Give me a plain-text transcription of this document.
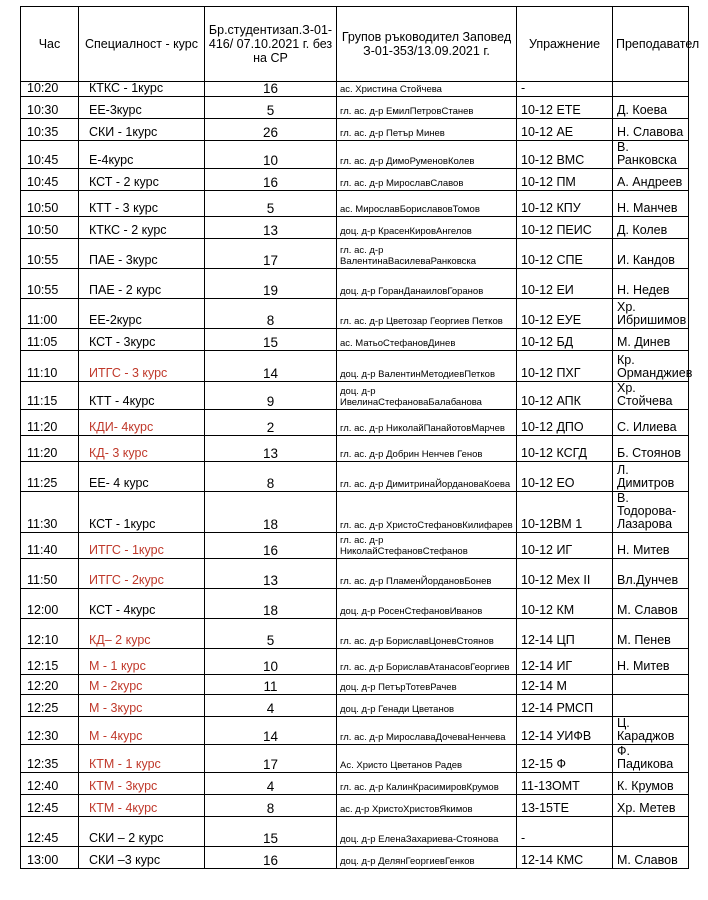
Час	Специалност - курс	Бр.студентизап.З-01-416/ 07.10.2021 г. без на СР	Групов ръководител Заповед З-01-353/13.09.2021 г.	Упражнение	Преподавател
10:20	КТКС - 1курс	16	ас. Христина Стойчева	-	
10:30	ЕЕ-3курс	5	гл. ас. д-р ЕмилПетровСтанев	10-12 ЕТЕ	Д. Коева
10:35	СКИ - 1курс	26	гл. ас. д-р Петър Минев	10-12 АЕ	Н. Славова
10:45	Е-4курс	10	гл. ас. д-р ДимоРуменовКолев	10-12 ВМС	В. Ранковска
10:45	КСТ - 2 курс	16	гл. ас. д-р МирославСлавов	10-12 ПМ	А. Андреев
10:50	КТТ - 3 курс	5	ас. МирославБориславовТомов	10-12 КПУ	Н. Манчев
10:50	КТКС - 2 курс	13	доц. д-р КрасенКировАнгелов	10-12 ПЕИС	Д. Колев
10:55	ПАЕ - 3курс	17	гл. ас. д-р ВалентинаВасилеваРанковска	10-12 СПЕ	И. Кандов
10:55	ПАЕ - 2 курс	19	доц. д-р ГоранДанаиловГоранов	10-12 ЕИ	Н. Недев
11:00	ЕЕ-2курс	8	гл. ас. д-р Цветозар Георгиев Петков	10-12 ЕУЕ	Хр. Ибришимов
11:05	КСТ - 3курс	15	ас. МатьоСтефановДинев	10-12 БД	М. Динев
11:10	ИТГС - 3 курс	14	доц. д-р ВалентинМетодиевПетков	10-12 ПХГ	Кр. Орманджиев
11:15	КТТ - 4курс	9	доц. д-р ИвелинаСтефановаБалабанова	10-12 АПК	Хр. Стойчева
11:20	КДИ- 4курс	2	гл. ас. д-р НиколайПанайотовМарчев	10-12 ДПО	С. Илиева
11:20	КД- 3 курс	13	гл. ас. д-р Добрин Ненчев Генов	10-12 КСГД	Б. Стоянов
11:25	ЕЕ- 4 курс	8	гл. ас. д-р ДимитринаЙордановаКоева	10-12 ЕО	Л. Димитров
11:30	КСТ - 1курс	18	гл. ас. д-р ХристоСтефановКилифарев	10-12ВМ 1	В. Тодорова-Лазарова
11:40	ИТГС - 1курс	16	гл. ас. д-р НиколайСтефановСтефанов	10-12 ИГ	Н. Митев
11:50	ИТГС - 2курс	13	гл. ас. д-р ПламенЙордановБонев	10-12 Мех II	Вл.Дунчев
12:00	КСТ - 4курс	18	доц. д-р РосенСтефановИванов	10-12 КМ	М. Славов
12:10	КД– 2 курс	5	гл. ас. д-р БориславЦоневСтоянов	12-14 ЦП	М. Пенев
12:15	М - 1 курс	10	гл. ас. д-р БориславАтанасовГеоргиев	12-14 ИГ	Н. Митев
12:20	М - 2курс	11	доц. д-р ПетърТотевРачев	12-14 М	
12:25	М - 3курс	4	доц. д-р Генади Цветанов	12-14 РМСП	
12:30	М - 4курс	14	гл. ас. д-р МирославаДочеваНенчева	12-14 УИФВ	Ц. Караджов
12:35	КТМ - 1 курс	17	Ас. Христо Цветанов Радев	12-15 Ф	Ф. Падикова
12:40	КТМ - 3курс	4	гл. ас. д-р КалинКрасимировКрумов	11-13ОМТ	К. Крумов
12:45	КТМ - 4курс	8	ас. д-р ХристоХристовЯкимов	13-15ТЕ	Хр. Метев
12:45	СКИ – 2 курс	15	доц. д-р ЕленаЗахариева-Стоянова	-	
13:00	СКИ –3 курс	16	доц. д-р ДелянГеоргиевГенков	12-14 КМС	М. Славов
